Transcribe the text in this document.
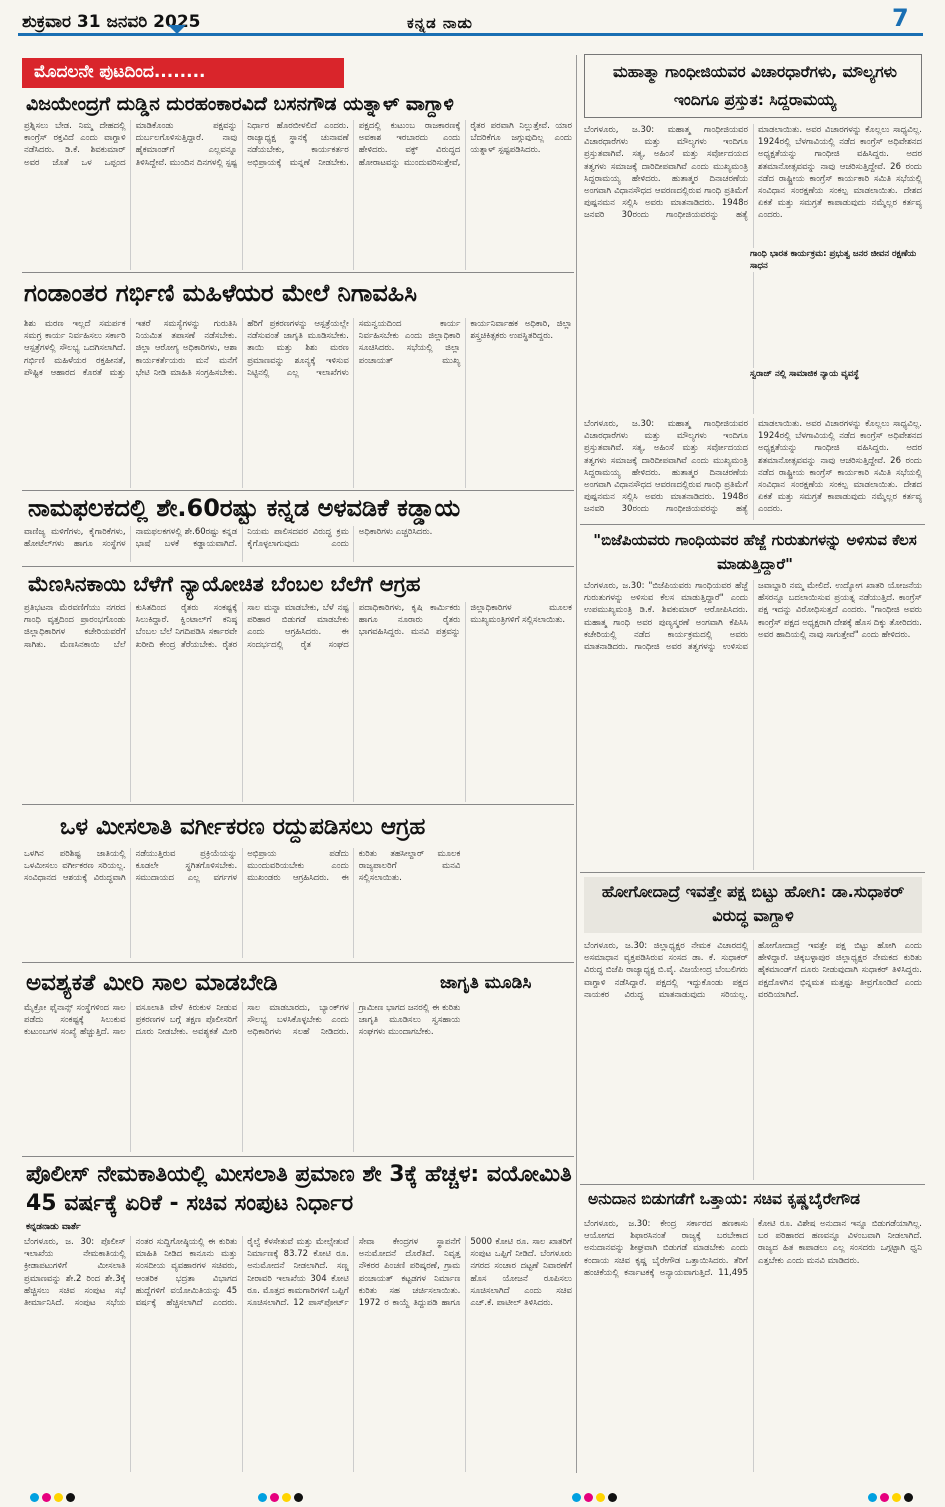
ಶುಕ್ರವಾರ 31 ಜನವರಿ 2025	ಕನ್ನಡ ನಾಡು	7
ಮೊದಲನೇ ಪುಟದಿಂದ........
ವಿಜಯೇಂದ್ರಗೆ ದುಡ್ಡಿನ ದುರಹಂಕಾರವಿದೆ ಬಸನಗೌಡ ಯತ್ನಾಳ್ ವಾಗ್ದಾಳಿ
ಪ್ರಶ್ನಿಸಲು ಬೇಡ. ನಿಮ್ಮ ದೇಹದಲ್ಲಿ ಕಾಂಗ್ರೆಸ್ ರಕ್ತವಿದೆ ಎಂದು ವಾಗ್ದಾಳಿ ನಡೆಸಿದರು. ಡಿ.ಕೆ. ಶಿವಕುಮಾರ್ ಅವರ ಜೊತೆ ಒಳ ಒಪ್ಪಂದ ಮಾಡಿಕೊಂಡು ಪಕ್ಷವನ್ನು ದುರ್ಬಲಗೊಳಿಸುತ್ತಿದ್ದಾರೆ. ನಾವು ಹೈಕಮಾಂಡ್‌ಗೆ ಎಲ್ಲವನ್ನೂ ತಿಳಿಸಿದ್ದೇವೆ. ಮುಂದಿನ ದಿನಗಳಲ್ಲಿ ಸ್ಪಷ್ಟ ನಿರ್ಧಾರ ಹೊರಬೀಳಲಿದೆ ಎಂದರು. ರಾಜ್ಯಾಧ್ಯಕ್ಷ ಸ್ಥಾನಕ್ಕೆ ಚುನಾವಣೆ ನಡೆಯಬೇಕು, ಕಾರ್ಯಕರ್ತರ ಅಭಿಪ್ರಾಯಕ್ಕೆ ಮನ್ನಣೆ ನೀಡಬೇಕು. ಪಕ್ಷದಲ್ಲಿ ಕುಟುಂಬ ರಾಜಕಾರಣಕ್ಕೆ ಅವಕಾಶ ಇರಬಾರದು ಎಂದು ಹೇಳಿದರು. ವಕ್ಫ್ ವಿರುದ್ಧದ ಹೋರಾಟವನ್ನು ಮುಂದುವರಿಸುತ್ತೇವೆ, ರೈತರ ಪರವಾಗಿ ನಿಲ್ಲುತ್ತೇವೆ. ಯಾರ ಬೆದರಿಕೆಗೂ ಜಗ್ಗುವುದಿಲ್ಲ ಎಂದು ಯತ್ನಾಳ್ ಸ್ಪಷ್ಟಪಡಿಸಿದರು.
ಗಂಡಾಂತರ ಗರ್ಭಿಣಿ ಮಹಿಳೆಯರ ಮೇಲೆ ನಿಗಾವಹಿಸಿ
ಶಿಶು ಮರಣ ಇಲ್ಲದೆ ಸಮರ್ಪಕ ಸಮಗ್ರ ಕಾರ್ಯ ನಿರ್ವಹಿಸಲು ಸರ್ಕಾರಿ ಆಸ್ಪತ್ರೆಗಳಲ್ಲಿ ಸೌಲಭ್ಯ ಒದಗಿಸಲಾಗಿದೆ. ಗರ್ಭಿಣಿ ಮಹಿಳೆಯರ ರಕ್ತಹೀನತೆ, ಪೌಷ್ಟಿಕ ಆಹಾರದ ಕೊರತೆ ಮತ್ತು ಇತರೆ ಸಮಸ್ಯೆಗಳನ್ನು ಗುರುತಿಸಿ ನಿಯಮಿತ ತಪಾಸಣೆ ನಡೆಸಬೇಕು. ಜಿಲ್ಲಾ ಆರೋಗ್ಯ ಅಧಿಕಾರಿಗಳು, ಆಶಾ ಕಾರ್ಯಕರ್ತೆಯರು ಮನೆ ಮನೆಗೆ ಭೇಟಿ ನೀಡಿ ಮಾಹಿತಿ ಸಂಗ್ರಹಿಸಬೇಕು. ಹೆರಿಗೆ ಪ್ರಕರಣಗಳನ್ನು ಆಸ್ಪತ್ರೆಯಲ್ಲೇ ನಡೆಸುವಂತೆ ಜಾಗೃತಿ ಮೂಡಿಸಬೇಕು. ತಾಯಿ ಮತ್ತು ಶಿಶು ಮರಣ ಪ್ರಮಾಣವನ್ನು ಶೂನ್ಯಕ್ಕೆ ಇಳಿಸುವ ನಿಟ್ಟಿನಲ್ಲಿ ಎಲ್ಲ ಇಲಾಖೆಗಳು ಸಮನ್ವಯದಿಂದ ಕಾರ್ಯ ನಿರ್ವಹಿಸಬೇಕು ಎಂದು ಜಿಲ್ಲಾಧಿಕಾರಿ ಸೂಚಿಸಿದರು. ಸಭೆಯಲ್ಲಿ ಜಿಲ್ಲಾ ಪಂಚಾಯತ್ ಮುಖ್ಯ ಕಾರ್ಯನಿರ್ವಾಹಕ ಅಧಿಕಾರಿ, ಜಿಲ್ಲಾ ಶಸ್ತ್ರಚಿಕಿತ್ಸಕರು ಉಪಸ್ಥಿತರಿದ್ದರು.
ನಾಮಫಲಕದಲ್ಲಿ ಶೇ.60ರಷ್ಟು ಕನ್ನಡ ಅಳವಡಿಕೆ ಕಡ್ಡಾಯ
ವಾಣಿಜ್ಯ ಮಳಿಗೆಗಳು, ಕೈಗಾರಿಕೆಗಳು, ಹೋಟೆಲ್‌ಗಳು ಹಾಗೂ ಸಂಸ್ಥೆಗಳ ನಾಮಫಲಕಗಳಲ್ಲಿ ಶೇ.60ರಷ್ಟು ಕನ್ನಡ ಭಾಷೆ ಬಳಕೆ ಕಡ್ಡಾಯವಾಗಿದೆ. ನಿಯಮ ಪಾಲಿಸದವರ ವಿರುದ್ಧ ಕ್ರಮ ಕೈಗೊಳ್ಳಲಾಗುವುದು ಎಂದು ಅಧಿಕಾರಿಗಳು ಎಚ್ಚರಿಸಿದರು.
ಮೆಣಸಿನಕಾಯಿ ಬೆಳೆಗೆ ನ್ಯಾಯೋಚಿತ ಬೆಂಬಲ ಬೆಲೆಗೆ ಆಗ್ರಹ
ಪ್ರತಿಭಟನಾ ಮೆರವಣಿಗೆಯು ನಗರದ ಗಾಂಧಿ ವೃತ್ತದಿಂದ ಪ್ರಾರಂಭಗೊಂಡು ಜಿಲ್ಲಾಧಿಕಾರಿಗಳ ಕಚೇರಿಯವರೆಗೆ ಸಾಗಿತು. ಮೆಣಸಿನಕಾಯಿ ಬೆಲೆ ಕುಸಿತದಿಂದ ರೈತರು ಸಂಕಷ್ಟಕ್ಕೆ ಸಿಲುಕಿದ್ದಾರೆ. ಕ್ವಿಂಟಾಲ್‌ಗೆ ಕನಿಷ್ಠ ಬೆಂಬಲ ಬೆಲೆ ನಿಗದಿಪಡಿಸಿ ಸರ್ಕಾರವೇ ಖರೀದಿ ಕೇಂದ್ರ ತೆರೆಯಬೇಕು. ರೈತರ ಸಾಲ ಮನ್ನಾ ಮಾಡಬೇಕು, ಬೆಳೆ ನಷ್ಟ ಪರಿಹಾರ ಬಿಡುಗಡೆ ಮಾಡಬೇಕು ಎಂದು ಆಗ್ರಹಿಸಿದರು. ಈ ಸಂದರ್ಭದಲ್ಲಿ ರೈತ ಸಂಘದ ಪದಾಧಿಕಾರಿಗಳು, ಕೃಷಿ ಕಾರ್ಮಿಕರು ಹಾಗೂ ನೂರಾರು ರೈತರು ಭಾಗವಹಿಸಿದ್ದರು. ಮನವಿ ಪತ್ರವನ್ನು ಜಿಲ್ಲಾಧಿಕಾರಿಗಳ ಮೂಲಕ ಮುಖ್ಯಮಂತ್ರಿಗಳಿಗೆ ಸಲ್ಲಿಸಲಾಯಿತು.
ಒಳ ಮೀಸಲಾತಿ ವರ್ಗೀಕರಣ ರದ್ದುಪಡಿಸಲು ಆಗ್ರಹ
ಒಳಗಿನ ಪರಿಶಿಷ್ಟ ಜಾತಿಯಲ್ಲಿ ಒಳಮೀಸಲು ವರ್ಗೀಕರಣ ಸರಿಯಲ್ಲ. ಸಂವಿಧಾನದ ಆಶಯಕ್ಕೆ ವಿರುದ್ಧವಾಗಿ ನಡೆಯುತ್ತಿರುವ ಪ್ರಕ್ರಿಯೆಯನ್ನು ಕೂಡಲೇ ಸ್ಥಗಿತಗೊಳಿಸಬೇಕು. ಸಮುದಾಯದ ಎಲ್ಲ ವರ್ಗಗಳ ಅಭಿಪ್ರಾಯ ಪಡೆದು ಮುಂದುವರಿಯಬೇಕು ಎಂದು ಮುಖಂಡರು ಆಗ್ರಹಿಸಿದರು. ಈ ಕುರಿತು ತಹಸೀಲ್ದಾರ್ ಮೂಲಕ ರಾಜ್ಯಪಾಲರಿಗೆ ಮನವಿ ಸಲ್ಲಿಸಲಾಯಿತು.
ಅವಶ್ಯಕತೆ ಮೀರಿ ಸಾಲ ಮಾಡಬೇಡಿ	ಜಾಗೃತಿ ಮೂಡಿಸಿ
ಮೈಕ್ರೋ ಫೈನಾನ್ಸ್ ಸಂಸ್ಥೆಗಳಿಂದ ಸಾಲ ಪಡೆದು ಸಂಕಷ್ಟಕ್ಕೆ ಸಿಲುಕುವ ಕುಟುಂಬಗಳ ಸಂಖ್ಯೆ ಹೆಚ್ಚುತ್ತಿದೆ. ಸಾಲ ವಸೂಲಾತಿ ವೇಳೆ ಕಿರುಕುಳ ನೀಡುವ ಪ್ರಕರಣಗಳ ಬಗ್ಗೆ ತಕ್ಷಣ ಪೊಲೀಸರಿಗೆ ದೂರು ನೀಡಬೇಕು. ಅವಶ್ಯಕತೆ ಮೀರಿ ಸಾಲ ಮಾಡಬಾರದು, ಬ್ಯಾಂಕ್‌ಗಳ ಸೌಲಭ್ಯ ಬಳಸಿಕೊಳ್ಳಬೇಕು ಎಂದು ಅಧಿಕಾರಿಗಳು ಸಲಹೆ ನೀಡಿದರು. ಗ್ರಾಮೀಣ ಭಾಗದ ಜನರಲ್ಲಿ ಈ ಕುರಿತು ಜಾಗೃತಿ ಮೂಡಿಸಲು ಸ್ವಸಹಾಯ ಸಂಘಗಳು ಮುಂದಾಗಬೇಕು.
ಪೊಲೀಸ್ ನೇಮಕಾತಿಯಲ್ಲಿ ಮೀಸಲಾತಿ ಪ್ರಮಾಣ ಶೇ 3ಕ್ಕೆ ಹೆಚ್ಚಳ: ವಯೋಮಿತಿ 45 ವರ್ಷಕ್ಕೆ ಏರಿಕೆ - ಸಚಿವ ಸಂಪುಟ ನಿರ್ಧಾರ
ಕನ್ನಡನಾಡು ವಾರ್ತೆ
ಬೆಂಗಳೂರು, ಜ. 30: ಪೊಲೀಸ್ ಇಲಾಖೆಯ ನೇಮಕಾತಿಯಲ್ಲಿ ಕ್ರೀಡಾಪಟುಗಳಿಗೆ ಮೀಸಲಾತಿ ಪ್ರಮಾಣವನ್ನು ಶೇ.2 ರಿಂದ ಶೇ.3ಕ್ಕೆ ಹೆಚ್ಚಿಸಲು ಸಚಿವ ಸಂಪುಟ ಸಭೆ ತೀರ್ಮಾನಿಸಿದೆ. ಸಂಪುಟ ಸಭೆಯ ನಂತರ ಸುದ್ದಿಗೋಷ್ಠಿಯಲ್ಲಿ ಈ ಕುರಿತು ಮಾಹಿತಿ ನೀಡಿದ ಕಾನೂನು ಮತ್ತು ಸಂಸದೀಯ ವ್ಯವಹಾರಗಳ ಸಚಿವರು, ಆಂತರಿಕ ಭದ್ರತಾ ವಿಭಾಗದ ಹುದ್ದೆಗಳಿಗೆ ವಯೋಮಿತಿಯನ್ನು 45 ವರ್ಷಕ್ಕೆ ಹೆಚ್ಚಿಸಲಾಗಿದೆ ಎಂದರು. ರೈಲ್ವೆ ಕೆಳಸೇತುವೆ ಮತ್ತು ಮೇಲ್ಸೇತುವೆ ನಿರ್ಮಾಣಕ್ಕೆ 83.72 ಕೋಟಿ ರೂ. ಅನುಮೋದನೆ ನೀಡಲಾಗಿದೆ. ಸಣ್ಣ ನೀರಾವರಿ ಇಲಾಖೆಯ 304 ಕೋಟಿ ರೂ. ಮೊತ್ತದ ಕಾಮಗಾರಿಗಳಿಗೆ ಒಪ್ಪಿಗೆ ಸೂಚಿಸಲಾಗಿದೆ. 12 ಪಾಸ್‌ಪೋರ್ಟ್ ಸೇವಾ ಕೇಂದ್ರಗಳ ಸ್ಥಾಪನೆಗೆ ಅನುಮೋದನೆ ದೊರೆತಿದೆ. ನಿವೃತ್ತ ನೌಕರರ ಪಿಂಚಣಿ ಪರಿಷ್ಕರಣೆ, ಗ್ರಾಮ ಪಂಚಾಯತ್ ಕಟ್ಟಡಗಳ ನಿರ್ಮಾಣ ಕುರಿತು ಸಹ ಚರ್ಚಿಸಲಾಯಿತು. 1972 ರ ಕಾಯ್ದೆ ತಿದ್ದುಪಡಿ ಹಾಗೂ 5000 ಕೋಟಿ ರೂ. ಸಾಲ ಖಾತರಿಗೆ ಸಂಪುಟ ಒಪ್ಪಿಗೆ ನೀಡಿದೆ. ಬೆಂಗಳೂರು ನಗರದ ಸಂಚಾರ ದಟ್ಟಣೆ ನಿವಾರಣೆಗೆ ಹೊಸ ಯೋಜನೆ ರೂಪಿಸಲು ಸೂಚಿಸಲಾಗಿದೆ ಎಂದು ಸಚಿವ ಎಚ್.ಕೆ. ಪಾಟೀಲ್ ತಿಳಿಸಿದರು.
ಮಹಾತ್ಮಾ ಗಾಂಧೀಜಿಯವರ ವಿಚಾರಧಾರೆಗಳು, ಮೌಲ್ಯಗಳು ಇಂದಿಗೂ ಪ್ರಸ್ತುತ: ಸಿದ್ದರಾಮಯ್ಯ
ಬೆಂಗಳೂರು, ಜ.30: ಮಹಾತ್ಮ ಗಾಂಧೀಜಿಯವರ ವಿಚಾರಧಾರೆಗಳು ಮತ್ತು ಮೌಲ್ಯಗಳು ಇಂದಿಗೂ ಪ್ರಸ್ತುತವಾಗಿವೆ. ಸತ್ಯ, ಅಹಿಂಸೆ ಮತ್ತು ಸರ್ವೋದಯದ ತತ್ವಗಳು ಸಮಾಜಕ್ಕೆ ದಾರಿದೀಪವಾಗಿವೆ ಎಂದು ಮುಖ್ಯಮಂತ್ರಿ ಸಿದ್ದರಾಮಯ್ಯ ಹೇಳಿದರು. ಹುತಾತ್ಮರ ದಿನಾಚರಣೆಯ ಅಂಗವಾಗಿ ವಿಧಾನಸೌಧದ ಆವರಣದಲ್ಲಿರುವ ಗಾಂಧಿ ಪ್ರತಿಮೆಗೆ ಪುಷ್ಪನಮನ ಸಲ್ಲಿಸಿ ಅವರು ಮಾತನಾಡಿದರು. 1948ರ ಜನವರಿ 30ರಂದು ಗಾಂಧೀಜಿಯವರನ್ನು ಹತ್ಯೆ ಮಾಡಲಾಯಿತು. ಅವರ ವಿಚಾರಗಳನ್ನು ಕೊಲ್ಲಲು ಸಾಧ್ಯವಿಲ್ಲ. 1924ರಲ್ಲಿ ಬೆಳಗಾವಿಯಲ್ಲಿ ನಡೆದ ಕಾಂಗ್ರೆಸ್ ಅಧಿವೇಶನದ ಅಧ್ಯಕ್ಷತೆಯನ್ನು ಗಾಂಧೀಜಿ ವಹಿಸಿದ್ದರು. ಅದರ ಶತಮಾನೋತ್ಸವವನ್ನು ನಾವು ಆಚರಿಸುತ್ತಿದ್ದೇವೆ. 26 ರಂದು ನಡೆದ ರಾಷ್ಟ್ರೀಯ ಕಾಂಗ್ರೆಸ್ ಕಾರ್ಯಕಾರಿ ಸಮಿತಿ ಸಭೆಯಲ್ಲಿ ಸಂವಿಧಾನ ಸಂರಕ್ಷಣೆಯ ಸಂಕಲ್ಪ ಮಾಡಲಾಯಿತು. ದೇಶದ ಏಕತೆ ಮತ್ತು ಸಮಗ್ರತೆ ಕಾಪಾಡುವುದು ನಮ್ಮೆಲ್ಲರ ಕರ್ತವ್ಯ ಎಂದರು.
ಗಾಂಧಿ ಭಾರತ ಕಾರ್ಯಕ್ರಮ: ಪ್ರಭುತ್ವ ಜನರ ಜೀವನ ರಕ್ಷಣೆಯ ಸಾಧನ
ಸ್ವರಾಜ್ ನಲ್ಲಿ ಸಾಮಾಜಿಕ ನ್ಯಾಯ ವ್ಯವಸ್ಥೆ
ಬೆಂಗಳೂರು, ಜ.30: ಮಹಾತ್ಮ ಗಾಂಧೀಜಿಯವರ ವಿಚಾರಧಾರೆಗಳು ಮತ್ತು ಮೌಲ್ಯಗಳು ಇಂದಿಗೂ ಪ್ರಸ್ತುತವಾಗಿವೆ. ಸತ್ಯ, ಅಹಿಂಸೆ ಮತ್ತು ಸರ್ವೋದಯದ ತತ್ವಗಳು ಸಮಾಜಕ್ಕೆ ದಾರಿದೀಪವಾಗಿವೆ ಎಂದು ಮುಖ್ಯಮಂತ್ರಿ ಸಿದ್ದರಾಮಯ್ಯ ಹೇಳಿದರು. ಹುತಾತ್ಮರ ದಿನಾಚರಣೆಯ ಅಂಗವಾಗಿ ವಿಧಾನಸೌಧದ ಆವರಣದಲ್ಲಿರುವ ಗಾಂಧಿ ಪ್ರತಿಮೆಗೆ ಪುಷ್ಪನಮನ ಸಲ್ಲಿಸಿ ಅವರು ಮಾತನಾಡಿದರು. 1948ರ ಜನವರಿ 30ರಂದು ಗಾಂಧೀಜಿಯವರನ್ನು ಹತ್ಯೆ ಮಾಡಲಾಯಿತು. ಅವರ ವಿಚಾರಗಳನ್ನು ಕೊಲ್ಲಲು ಸಾಧ್ಯವಿಲ್ಲ. 1924ರಲ್ಲಿ ಬೆಳಗಾವಿಯಲ್ಲಿ ನಡೆದ ಕಾಂಗ್ರೆಸ್ ಅಧಿವೇಶನದ ಅಧ್ಯಕ್ಷತೆಯನ್ನು ಗಾಂಧೀಜಿ ವಹಿಸಿದ್ದರು. ಅದರ ಶತಮಾನೋತ್ಸವವನ್ನು ನಾವು ಆಚರಿಸುತ್ತಿದ್ದೇವೆ. 26 ರಂದು ನಡೆದ ರಾಷ್ಟ್ರೀಯ ಕಾಂಗ್ರೆಸ್ ಕಾರ್ಯಕಾರಿ ಸಮಿತಿ ಸಭೆಯಲ್ಲಿ ಸಂವಿಧಾನ ಸಂರಕ್ಷಣೆಯ ಸಂಕಲ್ಪ ಮಾಡಲಾಯಿತು. ದೇಶದ ಏಕತೆ ಮತ್ತು ಸಮಗ್ರತೆ ಕಾಪಾಡುವುದು ನಮ್ಮೆಲ್ಲರ ಕರ್ತವ್ಯ ಎಂದರು.
"ಬಿಜೆಪಿಯವರು ಗಾಂಧಿಯವರ ಹೆಜ್ಜೆ ಗುರುತುಗಳನ್ನು ಅಳಿಸುವ ಕೆಲಸ ಮಾಡುತ್ತಿದ್ದಾರೆ"
ಬೆಂಗಳೂರು, ಜ.30: "ಬಿಜೆಪಿಯವರು ಗಾಂಧಿಯವರ ಹೆಜ್ಜೆ ಗುರುತುಗಳನ್ನು ಅಳಿಸುವ ಕೆಲಸ ಮಾಡುತ್ತಿದ್ದಾರೆ" ಎಂದು ಉಪಮುಖ್ಯಮಂತ್ರಿ ಡಿ.ಕೆ. ಶಿವಕುಮಾರ್ ಆರೋಪಿಸಿದರು. ಮಹಾತ್ಮ ಗಾಂಧಿ ಅವರ ಪುಣ್ಯಸ್ಮರಣೆ ಅಂಗವಾಗಿ ಕೆಪಿಸಿಸಿ ಕಚೇರಿಯಲ್ಲಿ ನಡೆದ ಕಾರ್ಯಕ್ರಮದಲ್ಲಿ ಅವರು ಮಾತನಾಡಿದರು. ಗಾಂಧೀಜಿ ಅವರ ತತ್ವಗಳನ್ನು ಉಳಿಸುವ ಜವಾಬ್ದಾರಿ ನಮ್ಮ ಮೇಲಿದೆ. ಉದ್ಯೋಗ ಖಾತರಿ ಯೋಜನೆಯ ಹೆಸರನ್ನೂ ಬದಲಾಯಿಸುವ ಪ್ರಯತ್ನ ನಡೆಯುತ್ತಿದೆ. ಕಾಂಗ್ರೆಸ್ ಪಕ್ಷ ಇದನ್ನು ವಿರೋಧಿಸುತ್ತದೆ ಎಂದರು. "ಗಾಂಧೀಜಿ ಅವರು ಕಾಂಗ್ರೆಸ್ ಪಕ್ಷದ ಅಧ್ಯಕ್ಷರಾಗಿ ದೇಶಕ್ಕೆ ಹೊಸ ದಿಕ್ಕು ತೋರಿದರು. ಅವರ ಹಾದಿಯಲ್ಲಿ ನಾವು ಸಾಗುತ್ತೇವೆ" ಎಂದು ಹೇಳಿದರು.
ಹೋಗೋದಾದ್ರೆ ಇವತ್ತೇ ಪಕ್ಷ ಬಿಟ್ಟು ಹೋಗಿ: ಡಾ.ಸುಧಾಕರ್ ವಿರುದ್ಧ ವಾಗ್ದಾಳಿ
ಬೆಂಗಳೂರು, ಜ.30: ಜಿಲ್ಲಾಧ್ಯಕ್ಷರ ನೇಮಕ ವಿಚಾರದಲ್ಲಿ ಅಸಮಾಧಾನ ವ್ಯಕ್ತಪಡಿಸಿರುವ ಸಂಸದ ಡಾ. ಕೆ. ಸುಧಾಕರ್ ವಿರುದ್ಧ ಬಿಜೆಪಿ ರಾಜ್ಯಾಧ್ಯಕ್ಷ ಬಿ.ವೈ. ವಿಜಯೇಂದ್ರ ಬೆಂಬಲಿಗರು ವಾಗ್ದಾಳಿ ನಡೆಸಿದ್ದಾರೆ. ಪಕ್ಷದಲ್ಲಿ ಇದ್ದುಕೊಂಡು ಪಕ್ಷದ ನಾಯಕರ ವಿರುದ್ಧ ಮಾತನಾಡುವುದು ಸರಿಯಲ್ಲ. ಹೋಗೋದಾದ್ರೆ ಇವತ್ತೇ ಪಕ್ಷ ಬಿಟ್ಟು ಹೋಗಿ ಎಂದು ಹೇಳಿದ್ದಾರೆ. ಚಿಕ್ಕಬಳ್ಳಾಪುರ ಜಿಲ್ಲಾಧ್ಯಕ್ಷರ ನೇಮಕದ ಕುರಿತು ಹೈಕಮಾಂಡ್‌ಗೆ ದೂರು ನೀಡುವುದಾಗಿ ಸುಧಾಕರ್ ತಿಳಿಸಿದ್ದರು. ಪಕ್ಷದೊಳಗಿನ ಭಿನ್ನಮತ ಮತ್ತಷ್ಟು ತೀವ್ರಗೊಂಡಿದೆ ಎಂದು ವರದಿಯಾಗಿದೆ.
ಅನುದಾನ ಬಿಡುಗಡೆಗೆ ಒತ್ತಾಯ: ಸಚಿವ ಕೃಷ್ಣಬೈರೇಗೌಡ
ಬೆಂಗಳೂರು, ಜ.30: ಕೇಂದ್ರ ಸರ್ಕಾರದ ಹಣಕಾಸು ಆಯೋಗದ ಶಿಫಾರಸಿನಂತೆ ರಾಜ್ಯಕ್ಕೆ ಬರಬೇಕಾದ ಅನುದಾನವನ್ನು ಶೀಘ್ರವಾಗಿ ಬಿಡುಗಡೆ ಮಾಡಬೇಕು ಎಂದು ಕಂದಾಯ ಸಚಿವ ಕೃಷ್ಣ ಬೈರೇಗೌಡ ಒತ್ತಾಯಿಸಿದರು. ತೆರಿಗೆ ಹಂಚಿಕೆಯಲ್ಲಿ ಕರ್ನಾಟಕಕ್ಕೆ ಅನ್ಯಾಯವಾಗುತ್ತಿದೆ. 11,495 ಕೋಟಿ ರೂ. ವಿಶೇಷ ಅನುದಾನ ಇನ್ನೂ ಬಿಡುಗಡೆಯಾಗಿಲ್ಲ. ಬರ ಪರಿಹಾರದ ಹಣವನ್ನೂ ವಿಳಂಬವಾಗಿ ನೀಡಲಾಗಿದೆ. ರಾಜ್ಯದ ಹಿತ ಕಾಪಾಡಲು ಎಲ್ಲ ಸಂಸದರು ಒಗ್ಗಟ್ಟಾಗಿ ಧ್ವನಿ ಎತ್ತಬೇಕು ಎಂದು ಮನವಿ ಮಾಡಿದರು.
